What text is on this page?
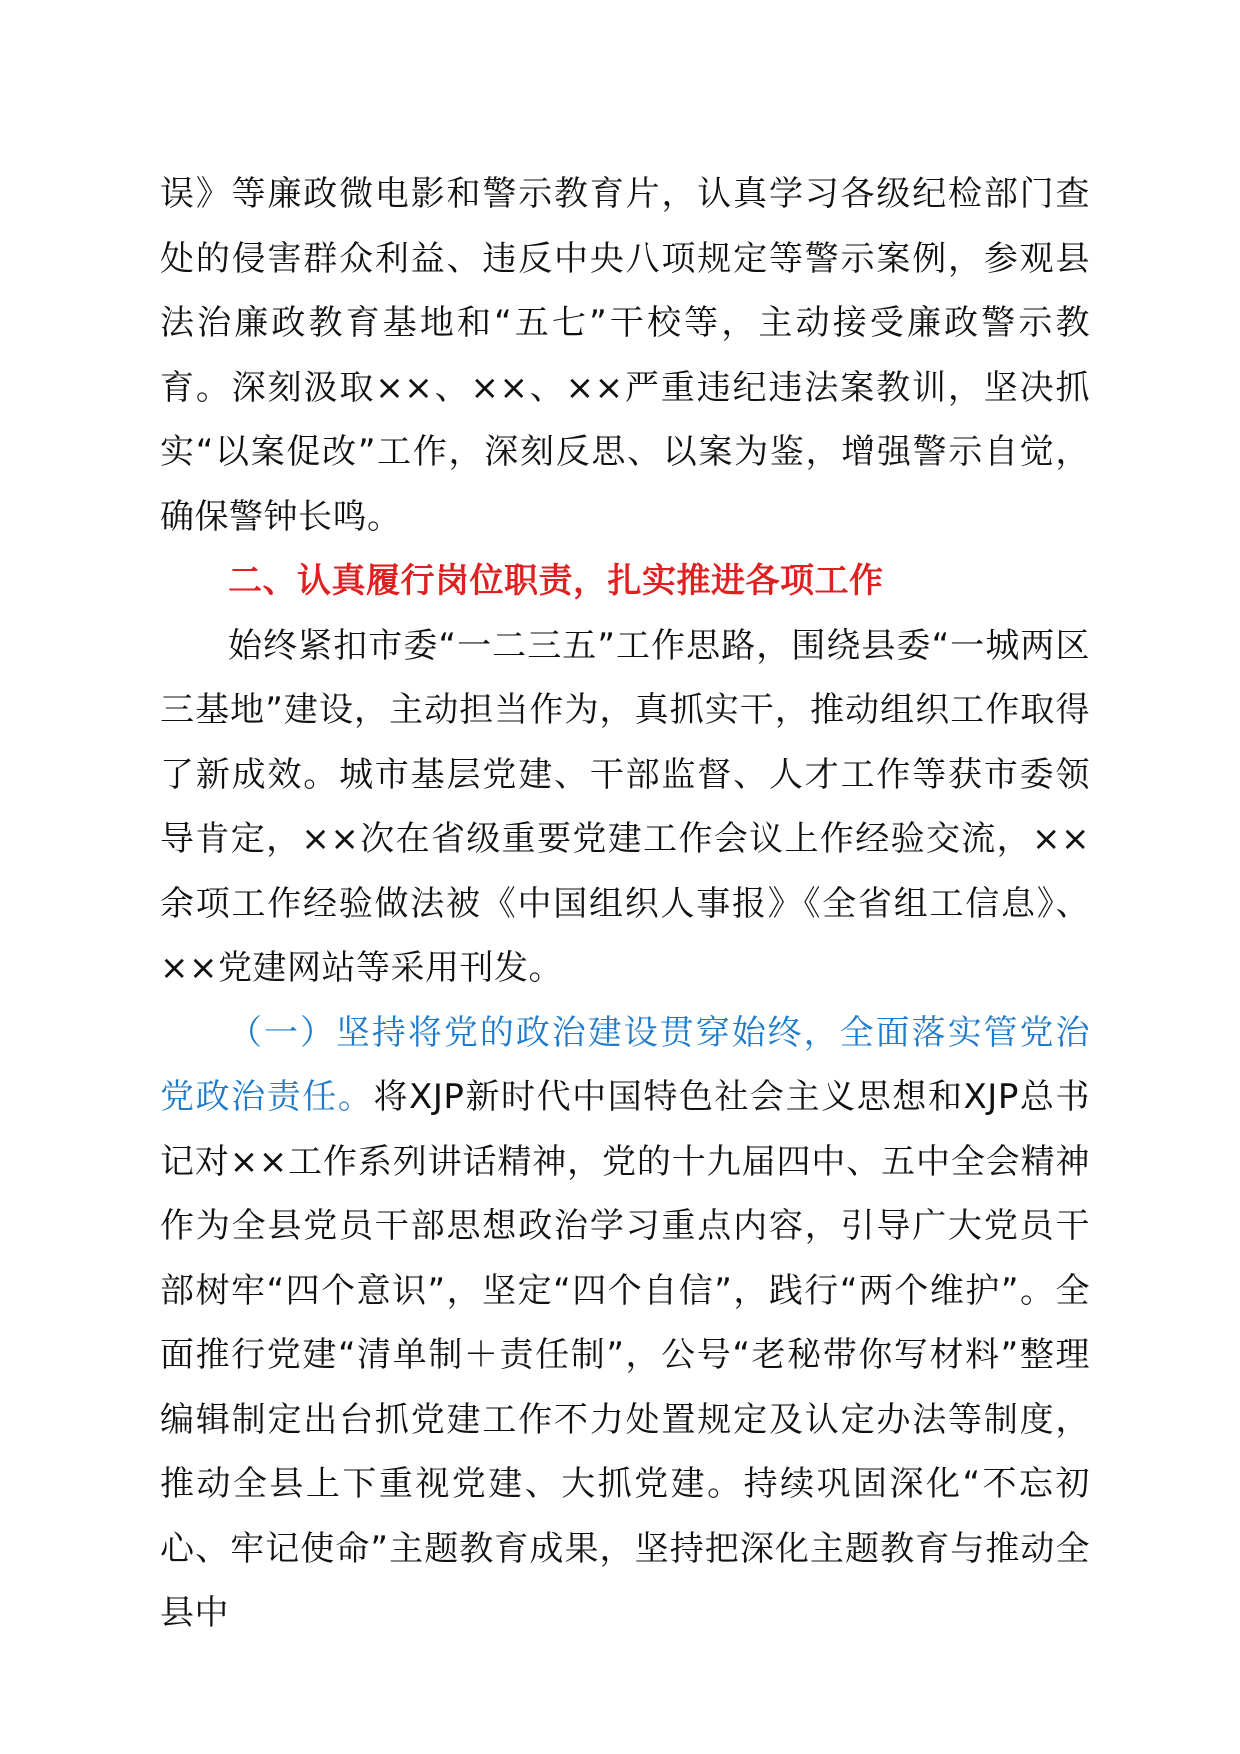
误》等廉政微电影和警示教育片，认真学习各级纪检部门查处的侵害群众利益、违反中央八项规定等警示案例，参观县法治廉政教育基地和“五七”干校等，主动接受廉政警示教育。深刻汲取××、××、××严重违纪违法案教训，坚决抓实“以案促改”工作，深刻反思、以案为鉴，增强警示自觉，确保警钟长鸣。

二、认真履行岗位职责，扎实推进各项工作

始终紧扣市委“一二三五”工作思路，围绕县委“一城两区三基地”建设，主动担当作为，真抓实干，推动组织工作取得了新成效。城市基层党建、干部监督、人才工作等获市委领导肯定，××次在省级重要党建工作会议上作经验交流，××余项工作经验做法被《中国组织人事报》《全省组工信息》、××党建网站等采用刊发。

（一）坚持将党的政治建设贯穿始终，全面落实管党治党政治责任。将XJP新时代中国特色社会主义思想和XJP总书记对××工作系列讲话精神，党的十九届四中、五中全会精神作为全县党员干部思想政治学习重点内容，引导广大党员干部树牢“四个意识”，坚定“四个自信”，践行“两个维护”。全面推行党建“清单制＋责任制”，公号“老秘带你写材料”整理编辑制定出台抓党建工作不力处置规定及认定办法等制度，推动全县上下重视党建、大抓党建。持续巩固深化“不忘初心、牢记使命”主题教育成果，坚持把深化主题教育与推动全县中
